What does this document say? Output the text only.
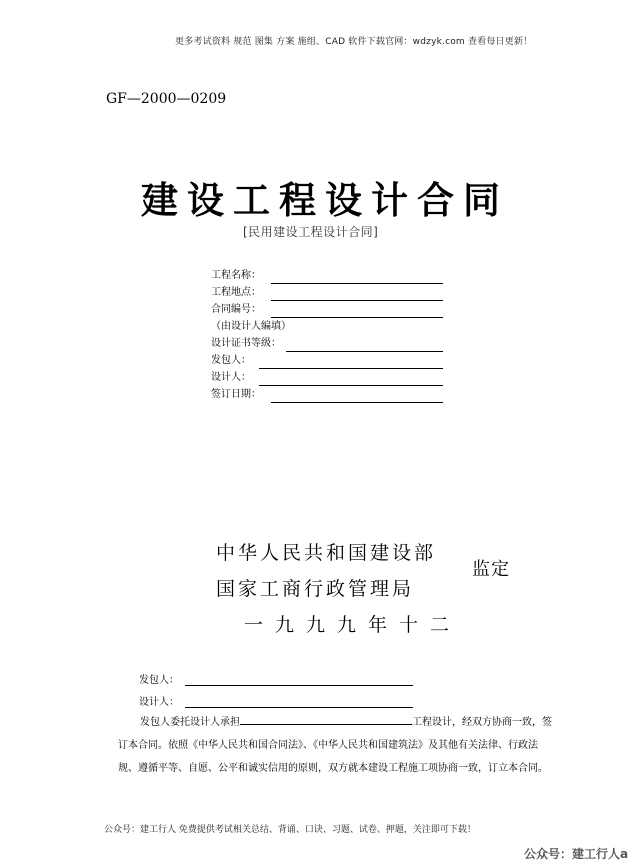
更多考试资料 规范 图集 方案 施组、CAD 软件下载官网：wdzyk.com 查看每日更新！
GF—2000—0209
建设工程设计合同
[民用建设工程设计合同]
工程名称：
工程地点：
合同编号：
（由设计人编填）
设计证书等级：
发包人：
设计人：
签订日期：
中华人民共和国建设部
国家工商行政管理局
一九九九年十二
监定
发包人：
设计人：

发包人委托设计人承担	工程设计，经双方协商一致，签订本合同。依照《中华人民共和国合同法》、《中华人民共和国建筑法》及其他有关法律、行政法规、遵循平等、自愿、公平和诚实信用的原则，双方就本建设工程施工项协商一致，订立本合同。

公众号：建工行人 免费提供考试相关总结、背诵、口诀、习题、试卷、押题，关注即可下载！
公众号：建工行人a
